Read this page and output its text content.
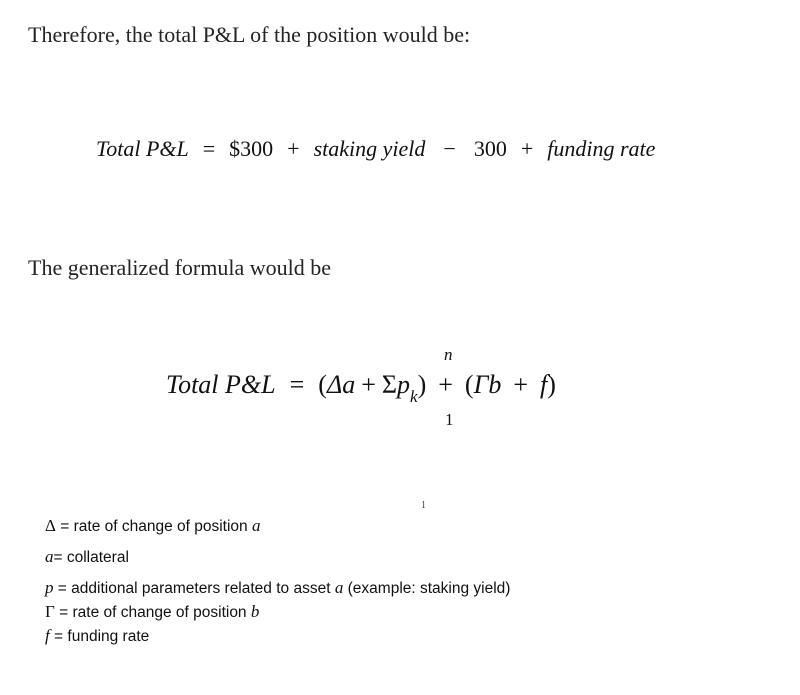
Therefore, the total P&L of the position would be:
Total P&L = $300 + staking yield − 300 + funding rate
The generalized formula would be
n
Total P&L = $(\Delta a + \Sigma p_k) + (\Gamma b + f)$
1
1
Δ = rate of change of position a
a= collateral
p = additional parameters related to asset a (example: staking yield)
Γ = rate of change of position b
f = funding rate
